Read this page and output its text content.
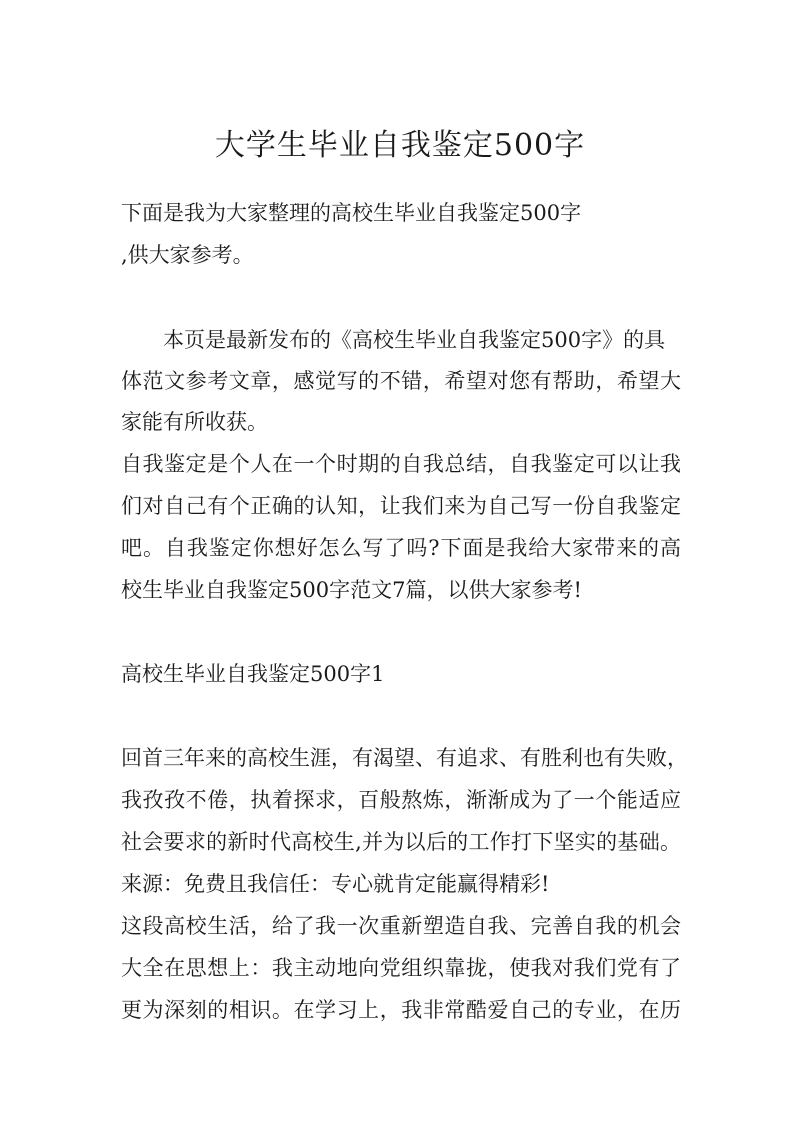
大学生毕业自我鉴定500字
下面是我为大家整理的高校生毕业自我鉴定500字
,供大家参考。
本页是最新发布的《高校生毕业自我鉴定500字》的具
体范文参考文章，感觉写的不错，希望对您有帮助，希望大
家能有所收获。
自我鉴定是个人在一个时期的自我总结，自我鉴定可以让我
们对自己有个正确的认知，让我们来为自己写一份自我鉴定
吧。自我鉴定你想好怎么写了吗?下面是我给大家带来的高
校生毕业自我鉴定500字范文7篇，以供大家参考!
高校生毕业自我鉴定500字1
回首三年来的高校生涯，有渴望、有追求、有胜利也有失败，
我孜孜不倦，执着探求，百般熬炼，渐渐成为了一个能适应
社会要求的新时代高校生,并为以后的工作打下坚实的基础。
来源：免费且我信任：专心就肯定能赢得精彩!
这段高校生活，给了我一次重新塑造自我、完善自我的机会
大全在思想上：我主动地向党组织靠拢，使我对我们党有了
更为深刻的相识。在学习上，我非常酷爱自己的专业，在历
